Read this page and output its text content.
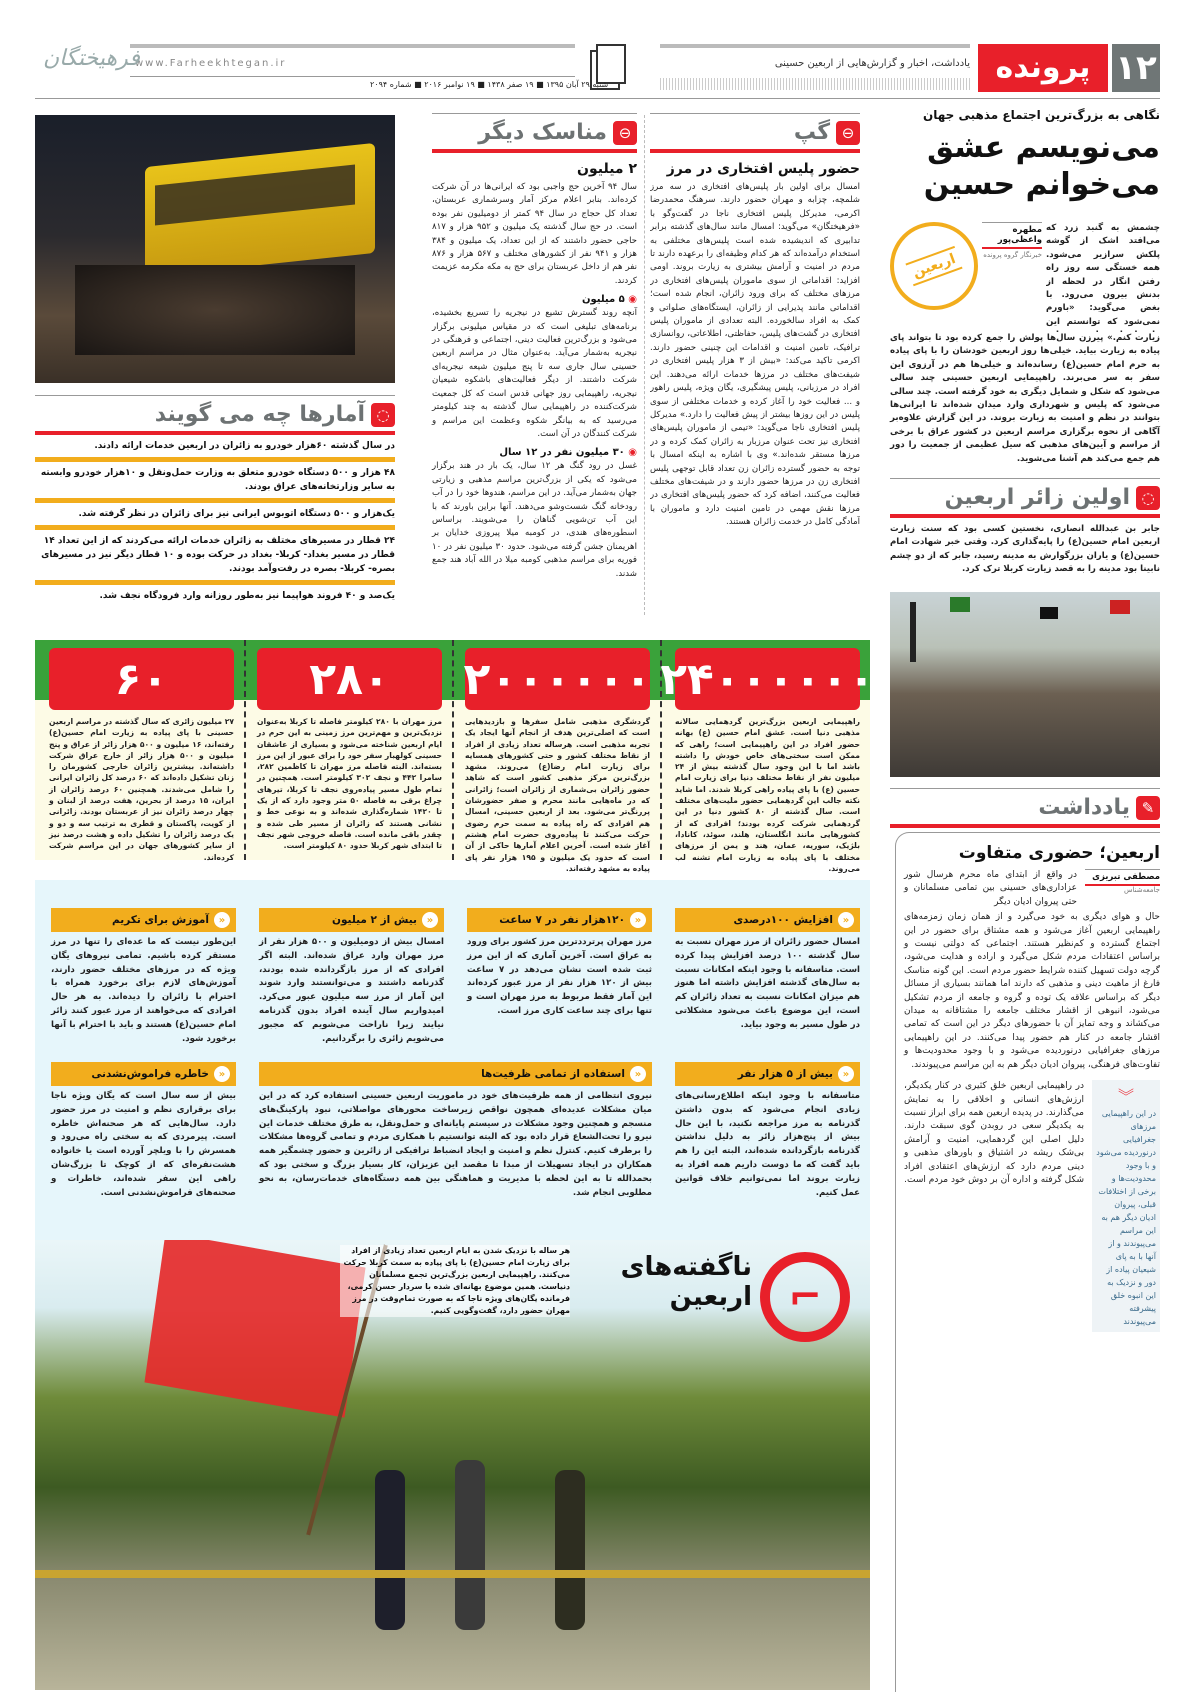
۱۲
پرونده
یادداشت، اخبار و گزارش‌هایی از اربعین حسینی
www.Farheekhtegan.ir
شنبه ۲۹ آبان ۱۳۹۵ ■ ۱۹ صفر ۱۴۳۸ ■ ۱۹ نوامبر ۲۰۱۶ ■ شماره ۲۰۹۴
فرهیختگان
نگاهی به بزرگ‌ترین اجتماع مذهبی جهان
می‌نویسم عشق
می‌خوانم حسین
اربعین
مطهره واعظی‌پور
خبرنگار گروه پرونده
چشمش به گنبد زرد که می‌افتد اشک از گوشه پلکش سرازیر می‌شود. همه خستگی سه روز راه رفتن انگار در لحظه از بدنش بیرون می‌رود. با بغض می‌گوید: «باورم نمی‌شود که توانستم این
زیارت کنم.» پیرزن سال‌ها پولش را جمع کرده بود تا بتواند پای پیاده به زیارت بیاید. خیلی‌ها روز اربعین خودشان را با پای پیاده به حرم امام حسین(ع) رسانده‌اند و خیلی‌ها هم در آرزوی این سفر به سر می‌برند. راهپیمایی اربعین حسینی چند سالی می‌شود که شکل و شمایل دیگری به خود گرفته است. چند سالی می‌شود که پلیس و شهرداری وارد میدان شده‌اند تا ایرانی‌ها بتوانند در نظم و امنیت به زیارت بروند. در این گزارش علاوه‌بر آگاهی از نحوه برگزاری مراسم اربعین در کشور عراق با برخی از مراسم و آیین‌های مذهبی که سیل عظیمی از جمعیت را دور هم جمع می‌کند هم آشنا می‌شوید.
◌
اولین زائر اربعین
جابر بن عبدالله انصاری، نخستین کسی بود که سنت زیارت اربعین امام حسین(ع) را پایه‌گذاری کرد. وقتی خبر شهادت امام حسین(ع) و یاران بزرگوارش به مدینه رسید، جابر که از دو چشم نابینا بود مدینه را به قصد زیارت کربلا ترک کرد.
✎
یادداشت
اربعین؛ حضوری متفاوت
مصطفی تبریزی
جامعه‌شناس
در واقع از ابتدای ماه محرم هرسال شور عزاداری‌های حسینی بین تمامی مسلمانان و حتی پیروان ادیان دیگر
حال و هوای دیگری به خود می‌گیرد و از همان زمان زمزمه‌های راهپیمایی اربعین آغاز می‌شود و همه مشتاق برای حضور در این اجتماع گسترده و کم‌نظیر هستند. اجتماعی که دولتی نیست و براساس اعتقادات مردم شکل می‌گیرد و اراده و هدایت می‌شود، گرچه دولت تسهیل کننده شرایط حضور مردم است. این گونه مناسک فارغ از ماهیت دینی و مذهبی که دارند اما همانند بسیاری از مسائل دیگر که براساس علاقه یک توده و گروه و جامعه از مردم تشکیل می‌شود، انبوهی از اقشار مختلف جامعه را مشتاقانه به میدان می‌کشاند و وجه تمایز آن با حضورهای دیگر در این است که تمامی اقشار جامعه در کنار هم حضور پیدا می‌کنند. در این راهپیمایی مرزهای جغرافیایی درنوردیده می‌شود و با وجود محدودیت‌ها و تفاوت‌های فرهنگی، پیروان ادیان دیگر هم به این مراسم می‌پیوندند.
︾
در این راهپیمایی مرزهای جغرافیایی درنوردیده می‌شود و با وجود محدودیت‌ها و برخی از اختلافات قبلی، پیروان ادیان دیگر هم به این مراسم می‌پیوندند و از آنها با به پای شیعیان پیاده از دور و نزدیک به این انبوه خلق پیشرفته می‌پیوندند
در راهپیمایی اربعین خلق کثیری در کنار یکدیگر، ارزش‌های انسانی و اخلاقی را به نمایش می‌گذارند. در پدیده اربعین همه برای ابراز نسبت به یکدیگر سعی در روبدن گوی سبقت دارند. دلیل اصلی این گردهمایی، امنیت و آرامش بی‌شک ریشه در اشتیاق و باورهای مذهبی و دینی مردم دارد که ارزش‌های اعتقادی افراد شکل گرفته و اداره آن بر دوش خود مردم است.
⊖
گپ
حضور پلیس افتخاری در مرز
امسال برای اولین بار پلیس‌های افتخاری در سه مرز شلمچه، چزابه و مهران حضور دارند. سرهنگ محمدرضا اکرمی، مدیرکل پلیس افتخاری ناجا در گفت‌وگو با «فرهیختگان» می‌گوید: امسال مانند سال‌های گذشته برابر تدابیری که اندیشیده شده است پلیس‌های مختلفی به استخدام درآمده‌اند که هر کدام وظیفه‌ای را برعهده دارند تا مردم در امنیت و آرامش بیشتری به زیارت بروند. اومی افزاید: اقداماتی از سوی ماموران پلیس‌های افتخاری در مرزهای مختلف که برای ورود زائران، انجام شده است؛ اقداماتی مانند پذیرایی از زائران، ایستگاه‌های صلواتی و کمک به افراد سالخورده. البته تعدادی از ماموران پلیس افتخاری در گشت‌های پلیس، حفاظتی، اطلاعاتی، روانسازی ترافیک، تامین امنیت و اقدامات این چنینی حضور دارند. اکرمی تاکید می‌کند: «بیش از ۳ هزار پلیس افتخاری در شیفت‌های مختلف در مرزها خدمات ارائه می‌دهند. این افراد در مرزبانی، پلیس پیشگیری، یگان ویژه، پلیس راهور و ... فعالیت خود را آغاز کرده و خدمات مختلفی از سوی پلیس در این روزها بیشتر از پیش فعالیت را دارد.» مدیرکل پلیس افتخاری ناجا می‌گوید: «تیمی از ماموران پلیس‌های افتخاری نیز تحت عنوان مرزبار به زائران کمک کرده و در مرزها مستقر شده‌اند.» وی با اشاره به اینکه امسال با توجه به حضور گسترده زائران زن تعداد قابل توجهی پلیس افتخاری زن در مرزها حضور دارند و در شیفت‌های مختلف فعالیت می‌کنند، اضافه کرد که حضور پلیس‌های افتخاری در مرزها نقش مهمی در تامین امنیت دارد و ماموران با آمادگی کامل در خدمت زائران هستند.
⊖
مناسک دیگر
۲ میلیون
سال ۹۴ آخرین حج واجبی بود که ایرانی‌ها در آن شرکت کرده‌اند. بنابر اعلام مرکز آمار وسرشماری عربستان، تعداد کل حجاج در سال ۹۴ کمتر از دومیلیون نفر بوده است. در حج سال گذشته یک میلیون و ۹۵۲ هزار و ۸۱۷ حاجی حضور داشتند که از این تعداد، یک میلیون و ۳۸۴ هزار و ۹۴۱ نفر از کشورهای مختلف و ۵۶۷ هزار و ۸۷۶ نفر هم از داخل عربستان برای حج به مکه مکرمه عزیمت کردند.
◉ ۵ میلیون
آنچه روند گسترش تشیع در نیجریه را تسریع بخشیده، برنامه‌های تبلیغی است که در مقیاس میلیونی برگزار می‌شود و بزرگ‌ترین فعالیت دینی، اجتماعی و فرهنگی در نیجریه به‌شمار می‌آید. به‌عنوان مثال در مراسم اربعین حسینی سال جاری سه تا پنج میلیون شیعه نیجریه‌ای شرکت داشتند. از دیگر فعالیت‌های باشکوه شیعیان نیجریه، راهپیمایی روز جهانی قدس است که کل جمعیت شرکت‌کننده در راهپیمایی سال گذشته به چند کیلومتر می‌رسید که به بیانگر شکوه وعظمت این مراسم و شرکت کنندگان در آن است.
◉ ۳۰ میلیون نفر در ۱۲ سال
غسل در رود گنگ هر ۱۲ سال، یک بار در هند برگزار می‌شود که یکی از بزرگ‌ترین مراسم مذهبی و زیارتی جهان به‌شمار می‌آید. در این مراسم، هندوها خود را در آب رودخانه گنگ شست‌وشو می‌دهند. آنها براین باورند که با این آب تن‌شویی گناهان را می‌شویند. براساس اسطوره‌های هندی، در کومبه میلا پیروزی خدایان بر اهریمنان جشن گرفته می‌شود. حدود ۳۰ میلیون نفر در ۱۰ فوریه برای مراسم مذهبی کومبه میلا در الله آباد هند جمع شدند.
◌
آمارها چه می گویند
در سال گذشته ۶۰هزار خودرو به زائران در اربعین خدمات ارائه دادند.
۴۸ هزار و ۵۰۰ دستگاه خودرو متعلق به وزارت حمل‌ونقل و ۱۰هزار خودرو وابسته به سایر وزارتخانه‌های عراق بودند.
یک‌هزار و ۵۰۰ دستگاه اتوبوس ایرانی نیز برای زائران در نظر گرفته شد.
۲۴ قطار در مسیرهای مختلف به زائران خدمات ارائه می‌کردند که از این تعداد ۱۴ قطار در مسیر بغداد- کربلا- بغداد در حرکت بوده و ۱۰ قطار دیگر نیز در مسیرهای بصره- کربلا- بصره در رفت‌وآمد بودند.
یک‌صد و ۴۰ فروند هواپیما نیز به‌طور روزانه وارد فرودگاه نجف شد.
۲۴۰۰۰۰۰۰
راهپیمایی اربعین بزرگ‌ترین گردهمایی سالانه مذهبی دنیا است. عشق امام حسین (ع) بهانه حضور افراد در این راهپیمایی است؛ راهی که ممکن است سختی‌های خاص خودش را داشته باشد اما با این وجود سال گذشته بیش از ۲۴ میلیون نفر از نقاط مختلف دنیا برای زیارت امام حسین (ع) با پای پیاده راهی کربلا شدند. اما شاید نکته جالب این گردهمایی حضور ملیت‌های مختلف است. سال گذشته از ۸۰ کشور دنیا در این گردهمایی شرکت کرده بودند؛ افرادی که از کشورهایی مانند انگلستان، هلند، سوئد، کانادا، بلژیک، سوریه، عمان، هند و یمن از مرزهای مختلف با پای پیاده به زیارت امام تشنه لب می‌روند.
۲۰۰۰۰۰۰
گردشگری مذهبی شامل سفرها و بازدیدهایی است که اصلی‌ترین هدف از انجام آنها ایجاد یک تجربه مذهبی است. هرساله تعداد زیادی از افراد از نقاط مختلف کشور و حتی کشورهای همسایه برای زیارت امام رضا(ع) می‌روند. مشهد بزرگ‌ترین مرکز مذهبی کشور است که شاهد حضور زائران بی‌شماری از زائران است؛ زائرانی که در ماه‌هایی مانند محرم و صفر حضورشان پررنگ‌تر می‌شود. بعد از اربعین حسینی، امسال هم افرادی که راه پیاده به سمت حرم رضوی حرکت می‌کنند تا پیاده‌روی حضرت امام هشتم آغاز شده است. آخرین اعلام آمارها حاکی از آن است که حدود یک میلیون و ۱۹۵ هزار نفر پای پیاده به مشهد رفته‌اند.
۲۸۰
مرز مهران با ۲۸۰ کیلومتر فاصله تا کربلا به‌عنوان نزدیک‌ترین و مهم‌ترین مرز زمینی به این حرم در ایام اربعین شناخته می‌شود و بسیاری از عاشقان حسینی کولهبار سفر خود را برای عبور از این مرز بسته‌اند. البته فاصله مرز مهران تا کاظمین ۲۸۲، سامرا ۴۴۲ و نجف ۳۰۲ کیلومتر است. همچنین در تمام طول مسیر پیاده‌روی نجف تا کربلا، تیرهای چراغ برقی به فاصله ۵۰ متر وجود دارد که از یک تا ۱۴۲۰ شماره‌گذاری شده‌اند و به نوعی خط و نشانی هستند که زائران از مسیر طی شده و چقدر باقی مانده است. فاصله خروجی شهر نجف تا ابتدای شهر کربلا حدود ۸۰ کیلومتر است.
۶۰
۲۷ میلیون زائری که سال گذشته در مراسم اربعین حسینی با پای پیاده به زیارت امام حسین(ع) رفته‌اند، ۱۶ میلیون و ۵۰۰ هزار زائر از عراق و پنج میلیون و ۵۰۰ هزار زائر از خارج عراق شرکت داشته‌اند. بیشترین زائران خارجی کشورمان را زنان تشکیل داده‌اند که ۶۰ درصد کل زائران ایرانی را شامل می‌شدند. همچنین ۶۰ درصد زائران از ایران، ۱۵ درصد از بحرین، هفت درصد از لبنان و چهار درصد زائران نیز از عربستان بودند. زائرانی از کویت، پاکستان و قطری به ترتیب سه و دو و یک درصد زائران را تشکیل داده و هشت درصد نیز از سایر کشورهای جهان در این مراسم شرکت کرده‌اند.
«
افزایش ۱۰۰درصدی
امسال حضور زائران از مرز مهران نسبت به سال گذشته ۱۰۰ درصد افزایش پیدا کرده است. متاسفانه با وجود اینکه امکانات نسبت به سال‌های گذشته افزایش داشته اما هنوز هم میزان امکانات نسبت به تعداد زائران کم است، این موضوع باعث می‌شود مشکلاتی در طول مسیر به وجود بیاید.
«
۱۲۰هزار نفر در ۷ ساعت
مرز مهران پرترددترین مرز کشور برای ورود به عراق است. آخرین آماری که از این مرز ثبت شده است نشان می‌دهد در ۷ ساعت بیش از ۱۲۰ هزار نفر از مرز عبور کرده‌اند این آمار فقط مربوط به مرز مهران است و تنها برای چند ساعت کاری مرز است.
«
بیش از ۲ میلیون
امسال بیش از دومیلیون و ۵۰۰ هزار نفر از مرز مهران وارد عراق شده‌اند. البته اگر افرادی که از مرز بازگردانده شده بودند، گذرنامه داشتند و می‌توانستند وارد شوند این آمار از مرز سه میلیون عبور می‌کرد. امیدواریم سال آینده افراد بدون گذرنامه نیایند زیرا ناراحت می‌شویم که مجبور می‌شویم زائری را برگردانیم.
«
آموزش برای تکریم
این‌طور نیست که ما عده‌ای را تنها در مرز مستقر کرده باشیم. تمامی نیروهای یگان ویژه که در مرزهای مختلف حضور دارند، آموزش‌های لازم برای برخورد همراه با احترام با زائران را دیده‌اند. به هر حال افرادی که می‌خواهند از مرز عبور کنند زائر امام حسین(ع) هستند و باید با احترام با آنها برخورد شود.
«
بیش از ۵ هزار نفر
متاسفانه با وجود اینکه اطلاع‌رسانی‌های زیادی انجام می‌شود که بدون داشتن گذرنامه به مرز مراجعه نکنید، با این حال بیش از پنج‌هزار زائر به دلیل نداشتن گذرنامه بازگردانده شده‌اند، البته این را هم باید گفت که ما دوست داریم همه افراد به زیارت بروند اما نمی‌توانیم خلاف قوانین عمل کنیم.
«
استفاده از تمامی ظرفیت‌ها
نیروی انتظامی از همه ظرفیت‌های خود در ماموریت اربعین حسینی استفاده کرد که در این میان مشکلات عدیده‌ای همچون نواقص زیرساخت محورهای مواصلاتی، نبود پارکینگ‌های منسجم و همچنین وجود مشکلات در سیستم پایانه‌ای و حمل‌ونقل، به طرق مختلف خدمات این نیرو را تحت‌الشعاع قرار داده بود که البته توانستیم با همکاری مردم و تمامی گروه‌ها مشکلات را برطرف کنیم. کنترل نظم و امنیت و ایجاد انضباط ترافیکی از زائرین و حضور چشمگیر همه همکاران در ایجاد تسهیلات از مبدا تا مقصد این عزیزان، کار بسیار بزرگ و سختی بود که بحمدالله تا به این لحظه با مدیریت و هماهنگی بین همه دستگاه‌های خدمات‌رسان، به نحو مطلوبی انجام شد.
«
خاطره فراموش‌نشدنی
بیش از سه سال است که یگان ویژه ناجا برای برقراری نظم و امنیت در مرز حضور دارد. سال‌هایی که هر صحنه‌اش خاطره است. پیرمردی که به سختی راه می‌رود و همسرش را با ویلچر آورده است یا خانواده هشت‌نفره‌ای که از کوچک تا بزرگ‌شان راهی این سفر شده‌اند، خاطرات و صحنه‌های فراموش‌نشدنی است.
⌐
ناگفته‌های
اربعین
هر ساله با نزدیک شدن به ایام اربعین تعداد زیادی از افراد برای زیارت امام حسین(ع) با پای پیاده به سمت کربلا حرکت می‌کنند. راهپیمایی اربعین بزرگ‌ترین تجمع مسلمانان دنیاست. همین موضوع بهانه‌ای شده با سردار حسن کرمی، فرمانده یگان‌های ویژه ناجا که به صورت تمام‌وقت در مرز مهران حضور دارد، گفت‌وگویی کنیم.
